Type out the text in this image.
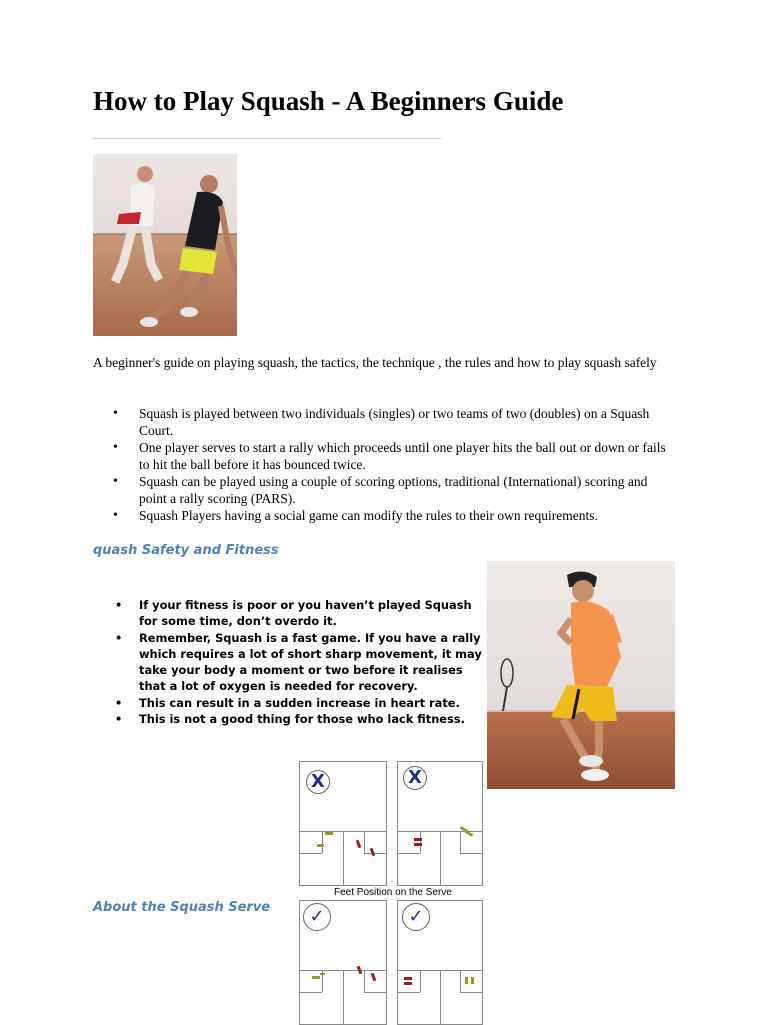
How to Play Squash - A Beginners Guide

A beginner's guide on playing squash, the tactics, the technique , the rules and how to play squash safely

• Squash is played between two individuals (singles) or two teams of two (doubles) on a Squash Court.
• One player serves to start a rally which proceeds until one player hits the ball out or down or fails to hit the ball before it has bounced twice.
• Squash can be played using a couple of scoring options, traditional (International) scoring and point a rally scoring (PARS).
• Squash Players having a social game can modify the rules to their own requirements.
quash Safety and Fitness
• If your fitness is poor or you haven’t played Squash for some time, don’t overdo it.
• Remember, Squash is a fast game. If you have a rally which requires a lot of short sharp movement, it may take your body a moment or two before it realises that a lot of oxygen is needed for recovery.
• This can result in a sudden increase in heart rate.
• This is not a good thing for those who lack fitness.
X	X
Feet Position on the Serve
About the Squash Serve	✓	✓
